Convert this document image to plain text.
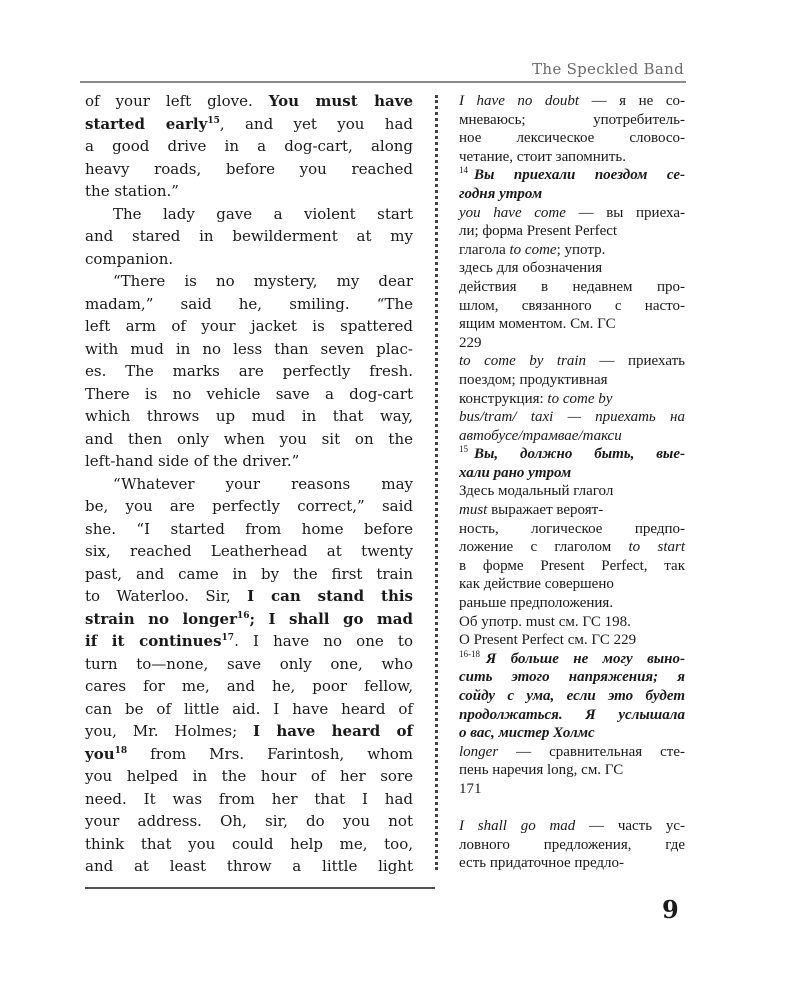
The Speckled Band
of your left glove. You must have
started early$^{15}$, and yet you had
a good drive in a dog-cart, along
heavy roads, before you reached
the station.”
The lady gave a violent start
and stared in bewilderment at my
companion.
“There is no mystery, my dear
madam,” said he, smiling. “The
left arm of your jacket is spattered
with mud in no less than seven plac-
es. The marks are perfectly fresh.
There is no vehicle save a dog-cart
which throws up mud in that way,
and then only when you sit on the
left-hand side of the driver.”
“Whatever your reasons may
be, you are perfectly correct,” said
she. “I started from home before
six, reached Leatherhead at twenty
past, and came in by the first train
to Waterloo. Sir, I can stand this
strain no longer$^{16}$; I shall go mad
if it continues$^{17}$. I have no one to
turn to—none, save only one, who
cares for me, and he, poor fellow,
can be of little aid. I have heard of
you, Mr. Holmes; I have heard of
you$^{18}$ from Mrs. Farintosh, whom
you helped in the hour of her sore
need. It was from her that I had
your address. Oh, sir, do you not
think that you could help me, too,
and at least throw a little light
I have no doubt — я не со-
мневаюсь; употребитель-
ное лексическое словосо-
четание, стоит запомнить.
$^{14}$ Вы приехали поездом се-
годня утром
you have come — вы приеха-
ли; форма Present Perfect
глагола to come; употр.
здесь для обозначения
действия в недавнем про-
шлом, связанного с насто-
ящим моментом. См. ГС
229
to come by train — приехать
поездом; продуктивная
конструкция: to come by
bus/tram/ taxi — приехать на
автобусе/трамвае/такси
$^{15}$ Вы, должно быть, вые-
хали рано утром
Здесь модальный глагол
must выражает вероят-
ность, логическое предпо-
ложение с глаголом to start
в форме Present Perfect, так
как действие совершено
раньше предположения.
Об употр. must см. ГС 198.
О Present Perfect см. ГС 229
$^{16-18}$ Я больше не могу выно-
сить этого напряжения; я
сойду с ума, если это будет
продолжаться. Я услышала
о вас, мистер Холмс
longer — сравнительная сте-
пень наречия long, см. ГС
171

I shall go mad — часть ус-
ловного предложения, где
есть придаточное предло-
9
